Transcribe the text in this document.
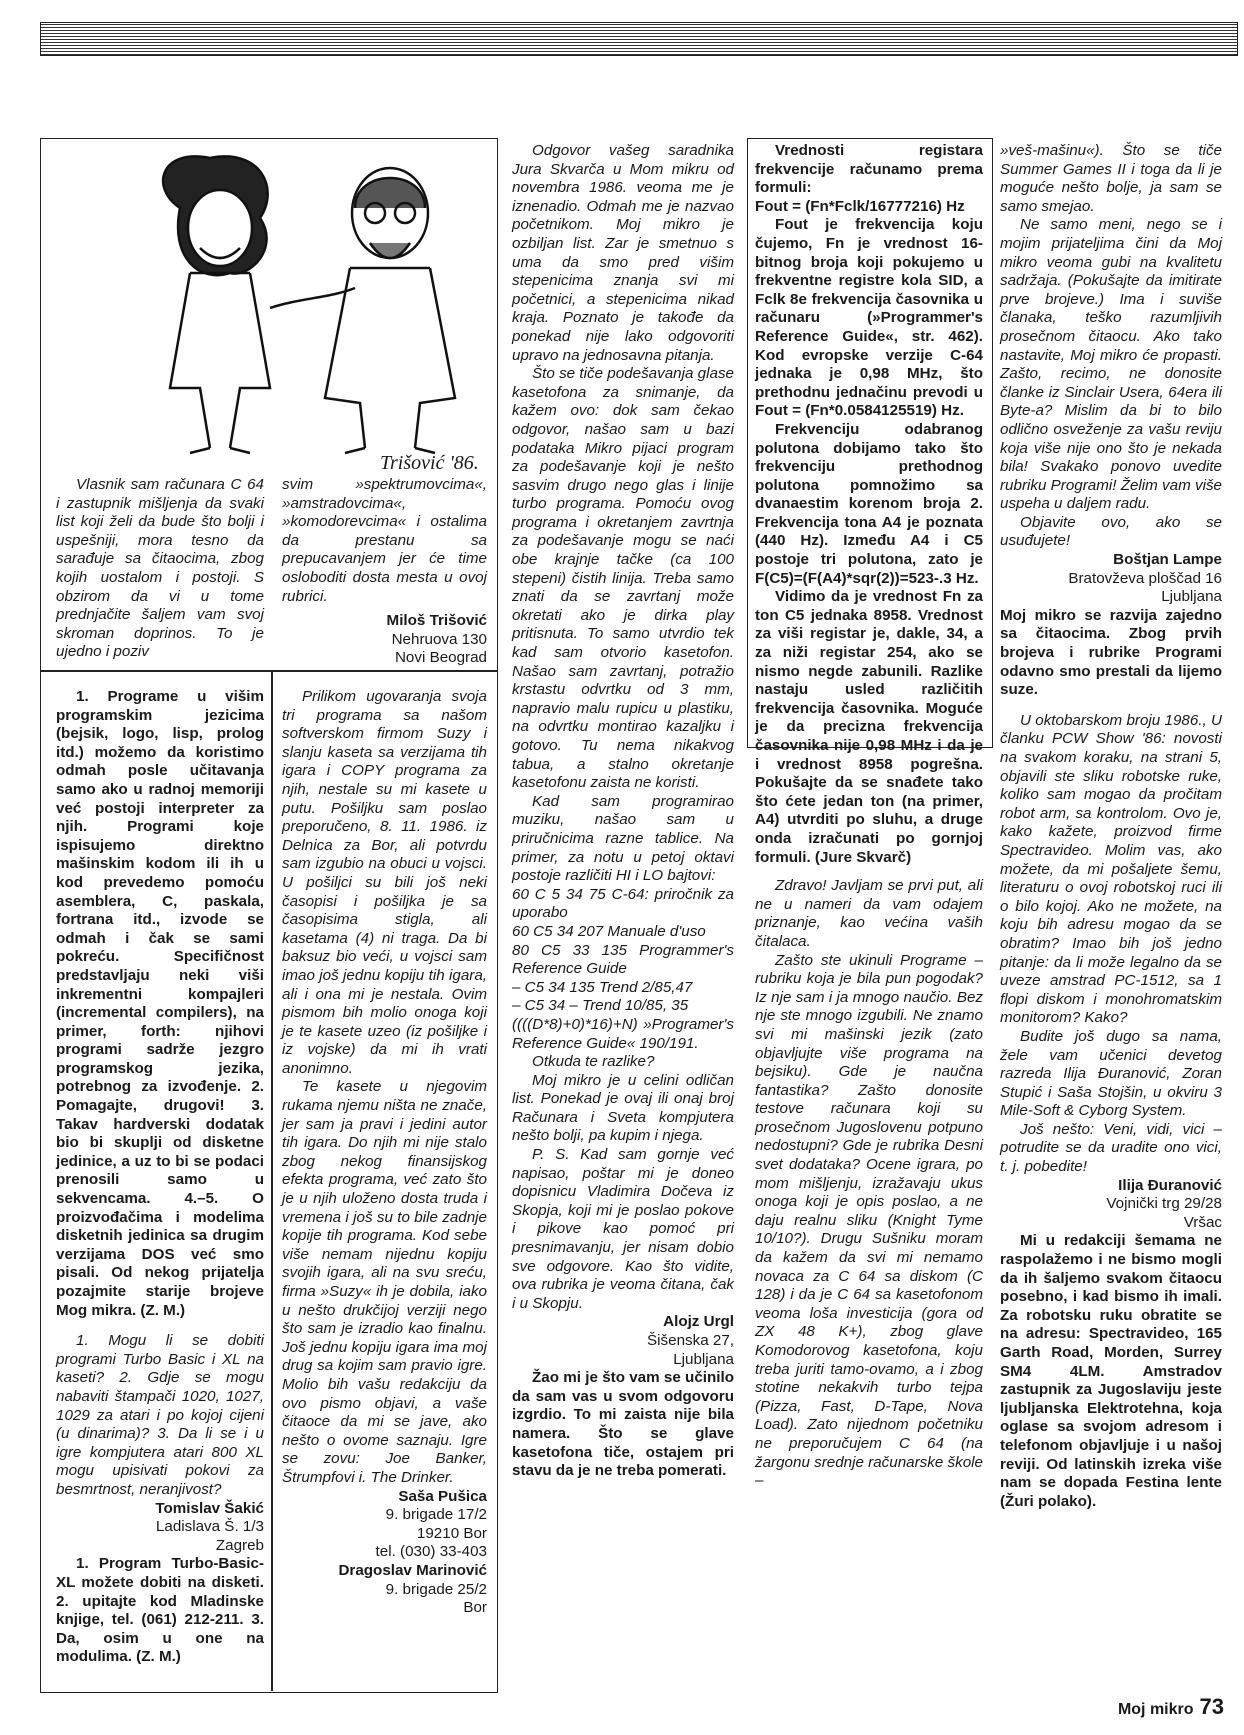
Trišović '86.

Vlasnik sam računara C 64 i zastupnik mišljenja da svaki list koji želi da bude što bolji i uspešniji, mora tesno da sarađuje sa čitaocima, zbog kojih uostalom i postoji. S obzirom da vi u tome prednjačite šaljem vam svoj skroman doprinos. To je ujedno i poziv

svim »spektrumovcima«, »amstradovcima«, »komodorevcima« i ostalima da prestanu sa prepucavanjem jer će time osloboditi dosta mesta u ovoj rubrici.

Miloš Trišović

Nehruova 130

Novi Beograd

1. Programe u višim programskim jezicima (bejsik, logo, lisp, prolog itd.) možemo da koristimo odmah posle učitavanja samo ako u radnoj memoriji već postoji interpreter za njih. Programi koje ispisujemo direktno mašinskim kodom ili ih u kod prevedemo pomoću asemblera, C, paskala, fortrana itd., izvode se odmah i čak se sami pokreću. Specifičnost predstavljaju neki viši inkrementni kompajleri (incremental compilers), na primer, forth: njihovi programi sadrže jezgro programskog jezika, potrebnog za izvođenje. 2. Pomagajte, drugovi! 3. Takav hardverski dodatak bio bi skuplji od disketne jedinice, a uz to bi se podaci prenosili samo u sekvencama. 4.–5. O proizvođačima i modelima disketnih jedinica sa drugim verzijama DOS već smo pisali. Od nekog prijatelja pozajmite starije brojeve Mog mikra. (Z. M.)

1. Mogu li se dobiti programi Turbo Basic i XL na kaseti? 2. Gdje se mogu nabaviti štampači 1020, 1027, 1029 za atari i po kojoj cijeni (u dinarima)? 3. Da li se i u igre kompjutera atari 800 XL mogu upisivati pokovi za besmrtnost, neranjivost?

Tomislav Šakić

Ladislava Š. 1/3

Zagreb

1. Program Turbo-Basic-XL možete dobiti na disketi. 2. upitajte kod Mladinske knjige, tel. (061) 212-211. 3. Da, osim u one na modulima. (Z. M.)

Prilikom ugovaranja svoja tri programa sa našom softverskom firmom Suzy i slanju kaseta sa verzijama tih igara i COPY programa za njih, nestale su mi kasete u putu. Pošiljku sam poslao preporučeno, 8. 11. 1986. iz Delnica za Bor, ali potvrdu sam izgubio na obuci u vojsci. U pošiljci su bili još neki časopisi i pošiljka je sa časopisima stigla, ali kasetama (4) ni traga. Da bi baksuz bio veći, u vojsci sam imao još jednu kopiju tih igara, ali i ona mi je nestala. Ovim pismom bih molio onoga koji je te kasete uzeo (iz pošiljke i iz vojske) da mi ih vrati anonimno.

Te kasete u njegovim rukama njemu ništa ne znače, jer sam ja pravi i jedini autor tih igara. Do njih mi nije stalo zbog nekog finansijskog efekta programa, već zato što je u njih uloženo dosta truda i vremena i još su to bile zadnje kopije tih programa. Kod sebe više nemam nijednu kopiju svojih igara, ali na svu sreću, firma »Suzy« ih je dobila, iako u nešto drukčijoj verziji nego što sam je izradio kao finalnu. Još jednu kopiju igara ima moj drug sa kojim sam pravio igre. Molio bih vašu redakciju da ovo pismo objavi, a vaše čitaoce da mi se jave, ako nešto o ovome saznaju. Igre se zovu: Joe Banker, Štrumpfovi i. The Drinker.

Saša Pušica

9. brigade 17/2

19210 Bor

tel. (030) 33-403

Dragoslav Marinović

9. brigade 25/2

Bor

Odgovor vašeg saradnika Jura Skvarča u Mom mikru od novembra 1986. veoma me je iznenadio. Odmah me je nazvao početnikom. Moj mikro je ozbiljan list. Zar je smetnuo s uma da smo pred višim stepenicima znanja svi mi početnici, a stepenicima nikad kraja. Poznato je takođe da ponekad nije lako odgovoriti upravo na jednosavna pitanja.

Što se tiče podešavanja glase kasetofona za snimanje, da kažem ovo: dok sam čekao odgovor, našao sam u bazi podataka Mikro pijaci program za podešavanje koji je nešto sasvim drugo nego glas i linije turbo programa. Pomoću ovog programa i okretanjem zavrtnja za podešavanje mogu se naći obe krajnje tačke (ca 100 stepeni) čistih linija. Treba samo znati da se zavrtanj može okretati ako je dirka play pritisnuta. To samo utvrdio tek kad sam otvorio kasetofon. Našao sam zavrtanj, potražio krstastu odvrtku od 3 mm, napravio malu rupicu u plastiku, na odvrtku montirao kazaljku i gotovo. Tu nema nikakvog tabua, a stalno okretanje kasetofonu zaista ne koristi.

Kad sam programirao muziku, našao sam u priručnicima razne tablice. Na primer, za notu u petoj oktavi postoje različiti HI i LO bajtovi:

60 C 5 34 75 C-64: priročnik za uporabo

60 C5 34 207 Manuale d'uso

80 C5 33 135 Programmer's Reference Guide

– C5 34 135 Trend 2/85,47

– C5 34 – Trend 10/85, 35

((((D*8)+0)*16)+N) »Programer's Reference Guide« 190/191.

Otkuda te razlike?

Moj mikro je u celini odličan list. Ponekad je ovaj ili onaj broj Računara i Sveta kompjutera nešto bolji, pa kupim i njega.

P. S. Kad sam gornje već napisao, poštar mi je doneo dopisnicu Vladimira Dočeva iz Skopja, koji mi je poslao pokove i pikove kao pomoć pri presnimavanju, jer nisam dobio sve odgovore. Kao što vidite, ova rubrika je veoma čitana, čak i u Skopju.

Alojz Urgl

Šišenska 27,

Ljubljana

Žao mi je što vam se učinilo da sam vas u svom odgovoru izgrdio. To mi zaista nije bila namera. Što se glave kasetofona tiče, ostajem pri stavu da je ne treba pomerati.

Vrednosti registara frekvencije računamo prema formuli:

Fout = (Fn*Fclk/16777216) Hz

Fout je frekvencija koju čujemo, Fn je vrednost 16-bitnog broja koji pokujemo u frekventne registre kola SID, a Fclk 8e frekvencija časovnika u računaru (»Programmer's Reference Guide«, str. 462). Kod evropske verzije C-64 jednaka je 0,98 MHz, što prethodnu jednačinu prevodi u Fout = (Fn*0.0584125519) Hz.

Frekvenciju odabranog polutona dobijamo tako što frekvenciju prethodnog polutona pomnožimo sa dvanaestim korenom broja 2. Frekvencija tona A4 je poznata (440 Hz). Između A4 i C5 postoje tri polutona, zato je F(C5)=(F(A4)*sqr(2))=523-.3 Hz.

Vidimo da je vrednost Fn za ton C5 jednaka 8958. Vrednost za viši registar je, dakle, 34, a za niži registar 254, ako se nismo negde zabunili. Razlike nastaju usled različitih frekvencija časovnika. Moguće je da precizna frekvencija časovnika nije 0,98 MHz i da je i vrednost 8958 pogrešna. Pokušajte da se snađete tako što ćete jedan ton (na primer, A4) utvrditi po sluhu, a druge onda izračunati po gornjoj formuli. (Jure Skvarč)

Zdravo! Javljam se prvi put, ali ne u nameri da vam odajem priznanje, kao većina vaših čitalaca.

Zašto ste ukinuli Programe – rubriku koja je bila pun pogodak? Iz nje sam i ja mnogo naučio. Bez nje ste mnogo izgubili. Ne znamo svi mi mašinski jezik (zato objavljujte više programa na bejsiku). Gde je naučna fantastika? Zašto donosite testove računara koji su prosečnom Jugoslovenu potpuno nedostupni? Gde je rubrika Desni svet dodataka? Ocene igrara, po mom mišljenju, izražavaju ukus onoga koji je opis poslao, a ne daju realnu sliku (Knight Tyme 10/10?). Drugu Sušniku moram da kažem da svi mi nemamo novaca za C 64 sa diskom (C 128) i da je C 64 sa kasetofonom veoma loša investicija (gora od ZX 48 K+), zbog glave Komodorovog kasetofona, koju treba juriti tamo-ovamo, a i zbog stotine nekakvih turbo tejpa (Pizza, Fast, D-Tape, Nova Load). Zato nijednom početniku ne preporučujem C 64 (na žargonu srednje računarske škole –

»veš-mašinu«). Što se tiče Summer Games II i toga da li je moguće nešto bolje, ja sam se samo smejao.

Ne samo meni, nego se i mojim prijateljima čini da Moj mikro veoma gubi na kvalitetu sadržaja. (Pokušajte da imitirate prve brojeve.) Ima i suviše članaka, teško razumljivih prosečnom čitaocu. Ako tako nastavite, Moj mikro će propasti. Zašto, recimo, ne donosite članke iz Sinclair Usera, 64era ili Byte-a? Mislim da bi to bilo odlično osveženje za vašu reviju koja više nije ono što je nekada bila! Svakako ponovo uvedite rubriku Programi! Želim vam više uspeha u daljem radu.

Objavite ovo, ako se usuđujete!

Boštjan Lampe

Bratovževa ploščad 16

Ljubljana

Moj mikro se razvija zajedno sa čitaocima. Zbog prvih brojeva i rubrike Programi odavno smo prestali da lijemo suze.

U oktobarskom broju 1986., U članku PCW Show '86: novosti na svakom koraku, na strani 5, objavili ste sliku robotske ruke, koliko sam mogao da pročitam robot arm, sa kontrolom. Ovo je, kako kažete, proizvod firme Spectravideo. Molim vas, ako možete, da mi pošaljete šemu, literaturu o ovoj robotskoj ruci ili o bilo kojoj. Ako ne možete, na koju bih adresu mogao da se obratim? Imao bih još jedno pitanje: da li može legalno da se uveze amstrad PC-1512, sa 1 flopi diskom i monohromatskim monitorom? Kako?

Budite još dugo sa nama, žele vam učenici devetog razreda Ilija Đuranović, Zoran Stupić i Saša Stojšin, u okviru 3 Mile-Soft & Cyborg System.

Još nešto: Veni, vidi, vici – potrudite se da uradite ono vici, t. j. pobedite!

Ilija Đuranović

Vojnički trg 29/28

Vršac

Mi u redakciji šemama ne raspolažemo i ne bismo mogli da ih šaljemo svakom čitaocu posebno, i kad bismo ih imali. Za robotsku ruku obratite se na adresu: Spectravideo, 165 Garth Road, Morden, Surrey SM4 4LM. Amstradov zastupnik za Jugoslaviju jeste ljubljanska Elektrotehna, koja oglase sa svojom adresom i telefonom objavljuje i u našoj reviji. Od latinskih izreka više nam se dopada Festina lente (Žuri polako).

Moj mikro 73
